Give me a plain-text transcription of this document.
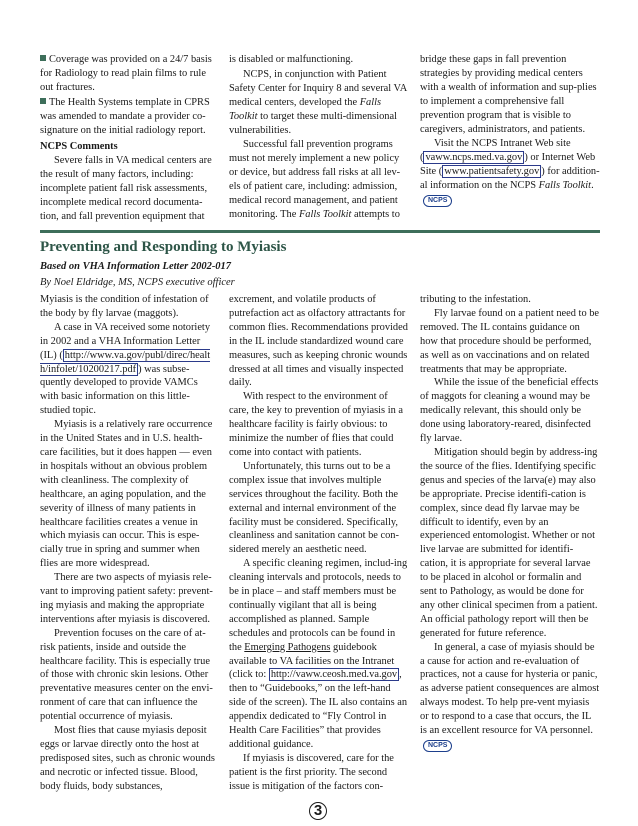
Coverage was provided on a 24/7 basis for Radiology to read plain films to rule out fractures.

The Health Systems template in CPRS was amended to mandate a provider co-signature on the initial radiology report.

NCPS Comments

Severe falls in VA medical centers are the result of many factors, including: incomplete patient fall risk assessments, incomplete medical record documenta-tion, and fall prevention equipment that

is disabled or malfunctioning.

NCPS, in conjunction with Patient Safety Center for Inquiry 8 and several VA medical centers, developed the Falls Toolkit to target these multi-dimensional vulnerabilities.

Successful fall prevention programs must not merely implement a new policy or device, but address fall risks at all lev-els of patient care, including: admission, medical record management, and patient monitoring. The Falls Toolkit attempts to

bridge these gaps in fall prevention strategies by providing medical centers with a wealth of information and sup-plies to implement a comprehensive fall prevention program that is visible to caregivers, administrators, and patients.

Visit the NCPS Intranet Web site ( vaww.ncps.med.va.gov ) or Internet Web Site ( www.patientsafety.gov ) for addition-al information on the NCPS Falls Toolkit.NCPS

Preventing and Responding to Myiasis

Based on VHA Information Letter 2002-017

By Noel Eldridge, MS, NCPS executive officer

Myiasis is the condition of infestation of the body by fly larvae (maggots).

A case in VA received some notoriety in 2002 and a VHA Information Letter (IL) ( http://www.va.gov/publ/direc/health/infolet/10200217.pdf ) was subse-quently developed to provide VAMCs with basic information on this little-studied topic.

Myiasis is a relatively rare occurrence in the United States and in U.S. health-care facilities, but it does happen — even in hospitals without an obvious problem with cleanliness. The complexity of healthcare, an aging population, and the severity of illness of many patients in healthcare facilities creates a venue in which myiasis can occur. This is espe-cially true in spring and summer when flies are more widespread.

There are two aspects of myiasis rele-vant to improving patient safety: prevent-ing myiasis and making the appropriate interventions after myiasis is discovered.

Prevention focuses on the care of at-risk patients, inside and outside the healthcare facility. This is especially true of those with chronic skin lesions. Other preventative measures center on the envi-ronment of care that can influence the potential occurrence of myiasis.

Most flies that cause myiasis deposit eggs or larvae directly onto the host at predisposed sites, such as chronic wounds and necrotic or infected tissue. Blood, body fluids, body substances,

excrement, and volatile products of putrefaction act as olfactory attractants for common flies. Recommendations provided in the IL include standardized wound care measures, such as keeping chronic wounds dressed at all times and visually inspected daily.

With respect to the environment of care, the key to prevention of myiasis in a healthcare facility is fairly obvious: to minimize the number of flies that could come into contact with patients.

Unfortunately, this turns out to be a complex issue that involves multiple services throughout the facility. Both the external and internal environment of the facility must be considered. Specifically, cleanliness and sanitation cannot be con-sidered merely an aesthetic need.

A specific cleaning regimen, includ-ing cleaning intervals and protocols, needs to be in place – and staff members must be continually vigilant that all is being accomplished as planned. Sample schedules and protocols can be found in the Emerging Pathogens guidebook available to VA facilities on the Intranet (click to: http://vaww.ceosh.med.va.gov , then to “Guidebooks,” on the left-hand side of the screen). The IL also contains an appendix dedicated to “Fly Control in Health Care Facilities” that provides additional guidance.

If myiasis is discovered, care for the patient is the first priority. The second issue is mitigation of the factors con-

tributing to the infestation.

Fly larvae found on a patient need to be removed. The IL contains guidance on how that procedure should be performed, as well as on vaccinations and on related treatments that may be appropriate.

While the issue of the beneficial effects of maggots for cleaning a wound may be medically relevant, this should only be done using laboratory-reared, disinfected fly larvae.

Mitigation should begin by address-ing the source of the flies. Identifying specific genus and species of the larva(e) may also be appropriate. Precise identifi-cation is complex, since dead fly larvae may be difficult to identify, even by an experienced entomologist. Whether or not live larvae are submitted for identifi-cation, it is appropriate for several larvae to be placed in alcohol or formalin and sent to Pathology, as would be done for any other clinical specimen from a patient. An official pathology report will then be generated for future reference.

In general, a case of myiasis should be a cause for action and re-evaluation of practices, not a cause for hysteria or panic, as adverse patient consequences are almost always modest. To help pre-vent myiasis or to respond to a case that occurs, the IL is an excellent resource for VA personnel.NCPS

3
